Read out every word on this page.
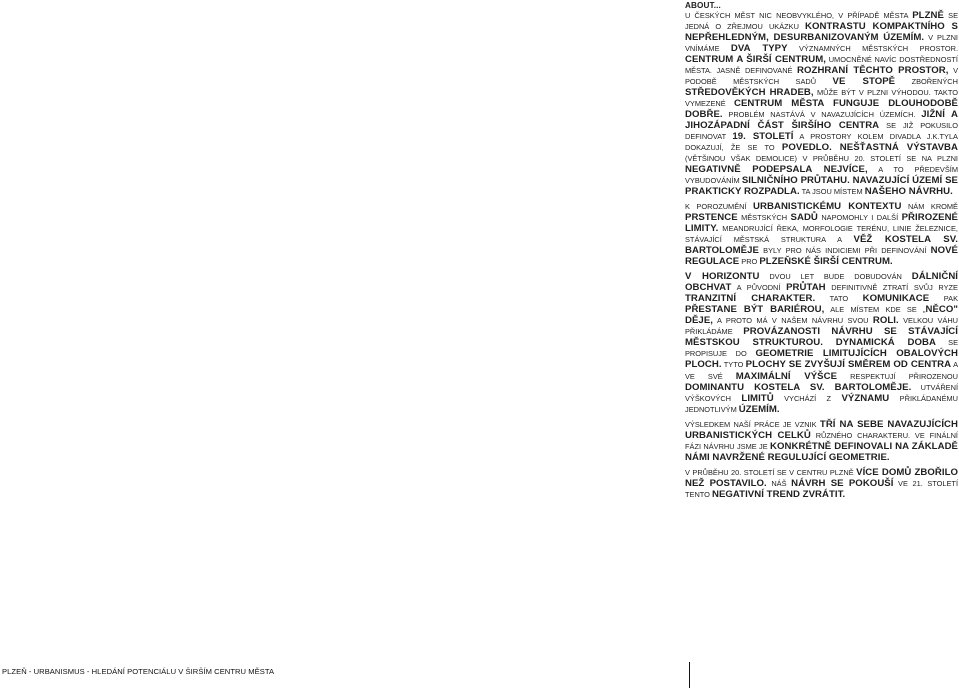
PLZEŇ - URBANISMUS - HLEDÁNÍ POTENCIÁLU V ŠIRŠÍM CENTRU MĚSTA
ABOUT...

U ČESKÝCH MĚST NIC NEOBVYKLÉHO, V PŘÍPADĚ MĚSTA PLZNĚ SE JEDNÁ O ZŘEJMOU UKÁZKU KONTRASTU KOMPAKTNÍHO S NEPŘEHLEDNÝM, DESURBANIZOVANÝM ÚZEMÍM. V PLZNI VNÍMÁME DVA TYPY VÝZNAMNÝCH MĚSTSKÝCH PROSTOR. CENTRUM A ŠIRŠÍ CENTRUM, UMOCNĚNÉ NAVÍC DOSTŘEDNOSTÍ MĚSTA. JASNĚ DEFINOVANÉ ROZHRANÍ TĚCHTO PROSTOR, V PODOBĚ MĚSTSKÝCH SADŮ VE STOPĚ ZBOŘENÝCH STŘEDOVĚKÝCH HRADEB, MŮŽE BÝT V PLZNI VÝHODOU. TAKTO VYMEZENÉ CENTRUM MĚSTA FUNGUJE DLOUHODOBĚ DOBŘE. PROBLÉM NASTÁVÁ V NAVAZUJÍCÍCH ÚZEMÍCH. JIŽNÍ A JIHOZÁPADNÍ ČÁST ŠIRŠÍHO CENTRA SE JIŽ POKUSILO DEFINOVAT 19. STOLETÍ A PROSTORY KOLEM DIVADLA J.K.TYLA DOKAZUJÍ, ŽE SE TO POVEDLO. NEŠŤASTNÁ VÝSTAVBA (VĚTŠINOU VŠAK DEMOLICE) V PRŮBĚHU 20. STOLETÍ SE NA PLZNI NEGATIVNĚ PODEPSALA NEJVÍCE, A TO PŘEDEVŠÍM VYBUDOVÁNÍM SILNIČNÍHO PRŮTAHU. NAVAZUJÍCÍ ÚZEMÍ SE PRAKTICKY ROZPADLA. TA JSOU MÍSTEM NAŠEHO NÁVRHU.

K POROZUMĚNÍ URBANISTICKÉMU KONTEXTU NÁM KROMĚ PRSTENCE MĚSTSKÝCH SADŮ NAPOMOHLY I DALŠÍ PŘIROZENÉ LIMITY. MEANDRUJÍCÍ ŘEKA, MORFOLOGIE TERÉNU, LINIE ŽELEZNICE, STÁVAJÍCÍ MĚSTSKÁ STRUKTURA A VĚŽ KOSTELA SV. BARTOLOMĚJE BYLY PRO NÁS INDICIEMI PŘI DEFINOVÁNÍ NOVÉ REGULACE PRO PLZEŇSKÉ ŠIRŠÍ CENTRUM.

V HORIZONTU DVOU LET BUDE DOBUDOVÁN DÁLNIČNÍ OBCHVAT A PŮVODNÍ PRŮTAH DEFINITIVNĚ ZTRATÍ SVŮJ RYZE TRANZITNÍ CHARAKTER. TATO KOMUNIKACE PAK PŘESTANE BÝT BARIÉROU, ALE MÍSTEM KDE SE „NĚCO" DĚJE, A PROTO MÁ V NAŠEM NÁVRHU SVOU ROLI. VELKOU VÁHU PŘIKLÁDÁME PROVÁZANOSTI NÁVRHU SE STÁVAJÍCÍ MĚSTSKOU STRUKTUROU. DYNAMICKÁ DOBA SE PROPISUJE DO GEOMETRIE LIMITUJÍCÍCH OBALOVÝCH PLOCH. TYTO PLOCHY SE ZVYŠUJÍ SMĚREM OD CENTRA A VE SVÉ MAXIMÁLNÍ VÝŠCE RESPEKTUJÍ PŘIROZENOU DOMINANTU KOSTELA SV. BARTOLOMĚJE. UTVÁŘENÍ VÝŠKOVÝCH LIMITŮ VYCHÁZÍ Z VÝZNAMU PŘIKLÁDANÉMU JEDNOTLIVÝM ÚZEMÍM.

VÝSLEDKEM NAŠÍ PRÁCE JE VZNIK TŘÍ NA SEBE NAVAZUJÍCÍCH URBANISTICKÝCH CELKŮ RŮZNÉHO CHARAKTERU. VE FINÁLNÍ FÁZI NÁVRHU JSME JE KONKRÉTNĚ DEFINOVALI NA ZÁKLADĚ NÁMI NAVRŽENÉ REGULUJÍCÍ GEOMETRIE.

V PRŮBĚHU 20. STOLETÍ SE V CENTRU PLZNĚ VÍCE DOMŮ ZBOŘILO NEŽ POSTAVILO. NÁŠ NÁVRH SE POKOUŠÍ VE 21. STOLETÍ TENTO NEGATIVNÍ TREND ZVRÁTIT.
